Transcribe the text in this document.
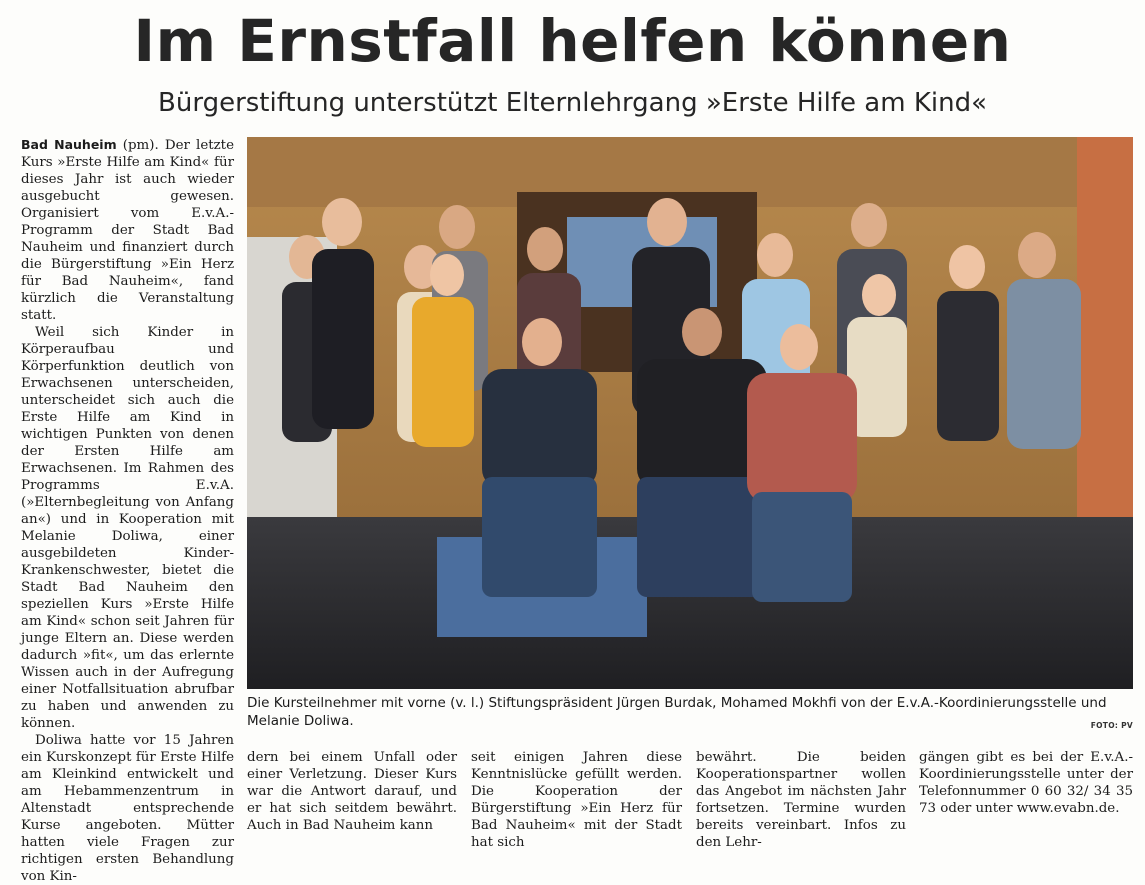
Im Ernstfall helfen können
Bürgerstiftung unterstützt Elternlehrgang »Erste Hilfe am Kind«

Bad Nauheim (pm). Der letzte Kurs »Erste Hilfe am Kind« für dieses Jahr ist auch wieder ausgebucht gewesen. Organisiert vom E.v.A.-Programm der Stadt Bad Nauheim und finanziert durch die Bürgerstiftung »Ein Herz für Bad Nauheim«, fand kürzlich die Veranstaltung statt.

Weil sich Kinder in Körperaufbau und Körperfunktion deutlich von Erwachsenen unterscheiden, unterscheidet sich auch die Erste Hilfe am Kind in wichtigen Punkten von denen der Ersten Hilfe am Erwachsenen. Im Rahmen des Programms E.v.A. (»Elternbegleitung von Anfang an«) und in Kooperation mit Melanie Doliwa, einer ausgebildeten Kinder-Krankenschwester, bietet die Stadt Bad Nauheim den speziellen Kurs »Erste Hilfe am Kind« schon seit Jahren für junge Eltern an. Diese werden dadurch »fit«, um das erlernte Wissen auch in der Aufregung einer Notfallsituation abrufbar zu haben und anwenden zu können.

Doliwa hatte vor 15 Jahren ein Kurskonzept für Erste Hilfe am Kleinkind entwickelt und am Hebammenzentrum in Altenstadt entsprechende Kurse angeboten. Mütter hatten viele Fragen zur richtigen ersten Behandlung von Kin-

Die Kursteilnehmer mit vorne (v. l.) Stiftungspräsident Jürgen Burdak, Mohamed Mokhfi von der E.v.A.-Koordinierungsstelle und Melanie Doliwa.	FOTO: PV

dern bei einem Unfall oder einer Verletzung. Dieser Kurs war die Antwort darauf, und er hat sich seitdem bewährt. Auch in Bad Nauheim kann

seit einigen Jahren diese Kenntnislücke gefüllt werden. Die Kooperation der Bürgerstiftung »Ein Herz für Bad Nauheim« mit der Stadt hat sich

bewährt. Die beiden Kooperationspartner wollen das Angebot im nächsten Jahr fortsetzen. Termine wurden bereits vereinbart. Infos zu den Lehr-

gängen gibt es bei der E.v.A.-Koordinierungsstelle unter der Telefonnummer 0 60 32/ 34 35 73 oder unter www.evabn.de.
